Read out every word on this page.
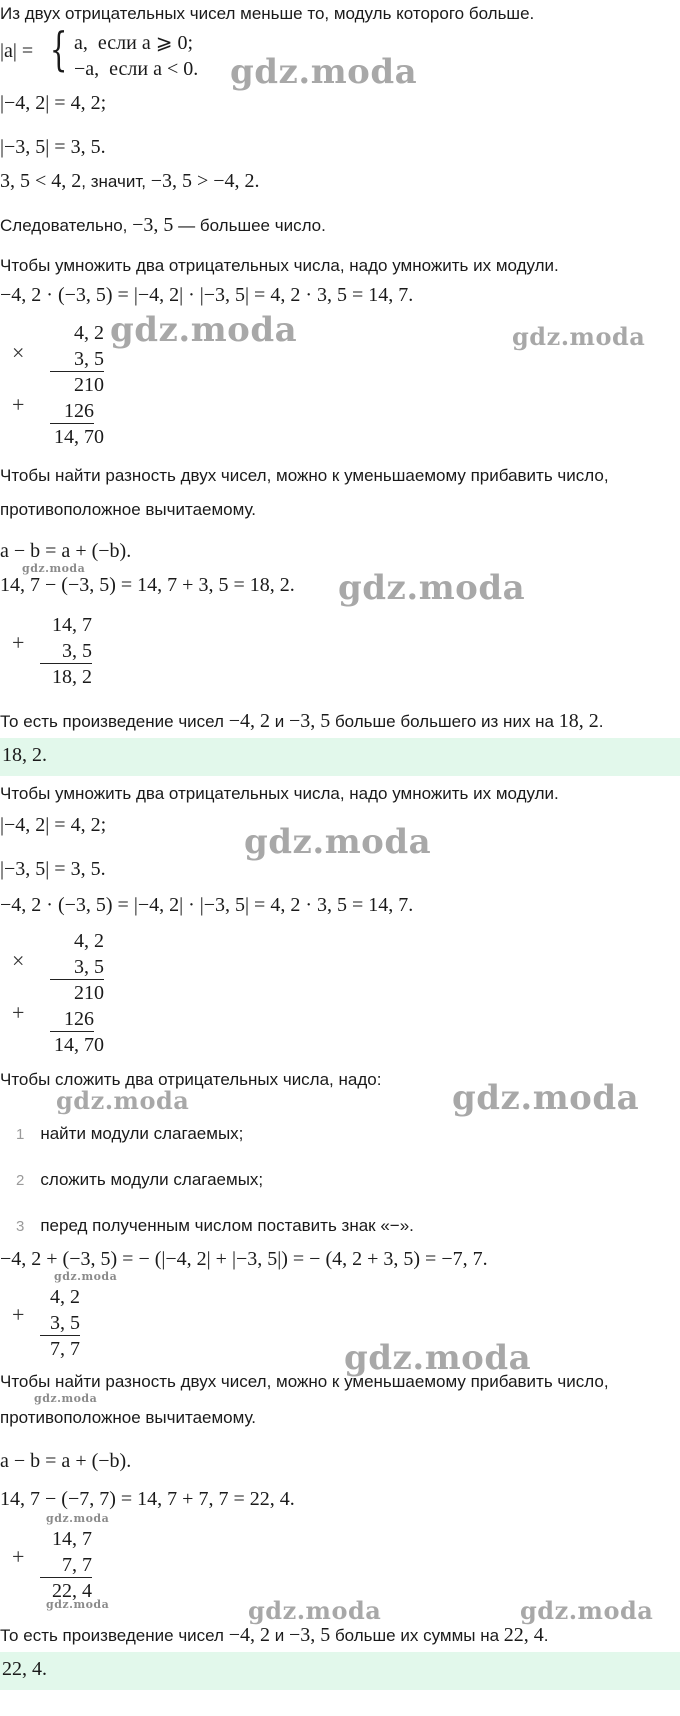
Из двух отрицательных чисел меньше то, модуль которого больше.
|a| = { a,  если a ⩾ 0;
−a,  если a < 0.
|−4, 2| = 4, 2;
|−3, 5| = 3, 5.
3, 5 < 4, 2, значит, −3, 5 > −4, 2.
Следовательно, −3, 5 — большее число.
Чтобы умножить два отрицательных числа, надо умножить их модули.
−4, 2 · (−3, 5) = |−4, 2| · |−3, 5| = 4, 2 · 3, 5 = 14, 7.
×
+
4, 2
3, 5
210
126
14, 70
Чтобы найти разность двух чисел, можно к уменьшаемому прибавить число,
противоположное вычитаемому.
a − b = a + (−b).
14, 7 − (−3, 5) = 14, 7 + 3, 5 = 18, 2.
+
14, 7
3, 5
18, 2
То есть произведение чисел −4, 2 и −3, 5 больше большего из них на 18, 2.
18, 2.
Чтобы умножить два отрицательных числа, надо умножить их модули.
|−4, 2| = 4, 2;
|−3, 5| = 3, 5.
−4, 2 · (−3, 5) = |−4, 2| · |−3, 5| = 4, 2 · 3, 5 = 14, 7.
×
+
4, 2
3, 5
210
126
14, 70
Чтобы сложить два отрицательных числа, надо:
1 найти модули слагаемых;
2 сложить модули слагаемых;
3 перед полученным числом поставить знак «−».
−4, 2 + (−3, 5) = − (|−4, 2| + |−3, 5|) = − (4, 2 + 3, 5) = −7, 7.
+
4, 2
3, 5
7, 7
Чтобы найти разность двух чисел, можно к уменьшаемому прибавить число,
противоположное вычитаемому.
a − b = a + (−b).
14, 7 − (−7, 7) = 14, 7 + 7, 7 = 22, 4.
+
14, 7
7, 7
22, 4
То есть произведение чисел −4, 2 и −3, 5 больше их суммы на 22, 4.
22, 4.
gdz.moda
gdz.moda	gdz.moda
gdz.moda	gdz.moda
gdz.moda
gdz.moda	gdz.moda
gdz.moda
gdz.moda
gdz.moda
gdz.moda
gdz.moda	gdz.moda	gdz.moda
